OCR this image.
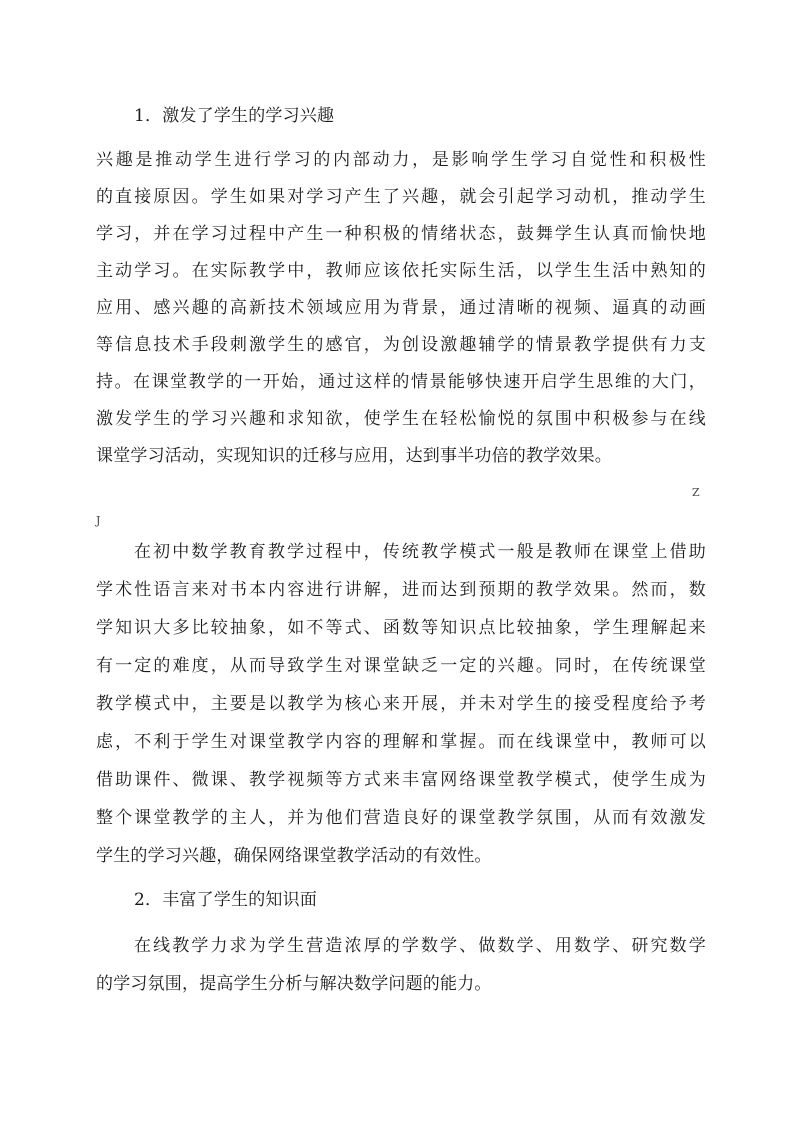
1．激发了学生的学习兴趣
兴趣是推动学生进行学习的内部动力，是影响学生学习自觉性和积极性
的直接原因。学生如果对学习产生了兴趣，就会引起学习动机，推动学生
学习，并在学习过程中产生一种积极的情绪状态，鼓舞学生认真而愉快地
主动学习。在实际教学中，教师应该依托实际生活，以学生生活中熟知的
应用、感兴趣的高新技术领域应用为背景，通过清晰的视频、逼真的动画
等信息技术手段刺激学生的感官，为创设激趣辅学的情景教学提供有力支
持。在课堂教学的一开始，通过这样的情景能够快速开启学生思维的大门，
激发学生的学习兴趣和求知欲，使学生在轻松愉悦的氛围中积极参与在线
课堂学习活动，实现知识的迁移与应用，达到事半功倍的教学效果。
Z
J
在初中数学教育教学过程中，传统教学模式一般是教师在课堂上借助
学术性语言来对书本内容进行讲解，进而达到预期的教学效果。然而，数
学知识大多比较抽象，如不等式、函数等知识点比较抽象，学生理解起来
有一定的难度，从而导致学生对课堂缺乏一定的兴趣。同时，在传统课堂
教学模式中，主要是以教学为核心来开展，并未对学生的接受程度给予考
虑，不利于学生对课堂教学内容的理解和掌握。而在线课堂中，教师可以
借助课件、微课、教学视频等方式来丰富网络课堂教学模式，使学生成为
整个课堂教学的主人，并为他们营造良好的课堂教学氛围，从而有效激发
学生的学习兴趣，确保网络课堂教学活动的有效性。
2．丰富了学生的知识面
在线教学力求为学生营造浓厚的学数学、做数学、用数学、研究数学
的学习氛围，提高学生分析与解决数学问题的能力。
